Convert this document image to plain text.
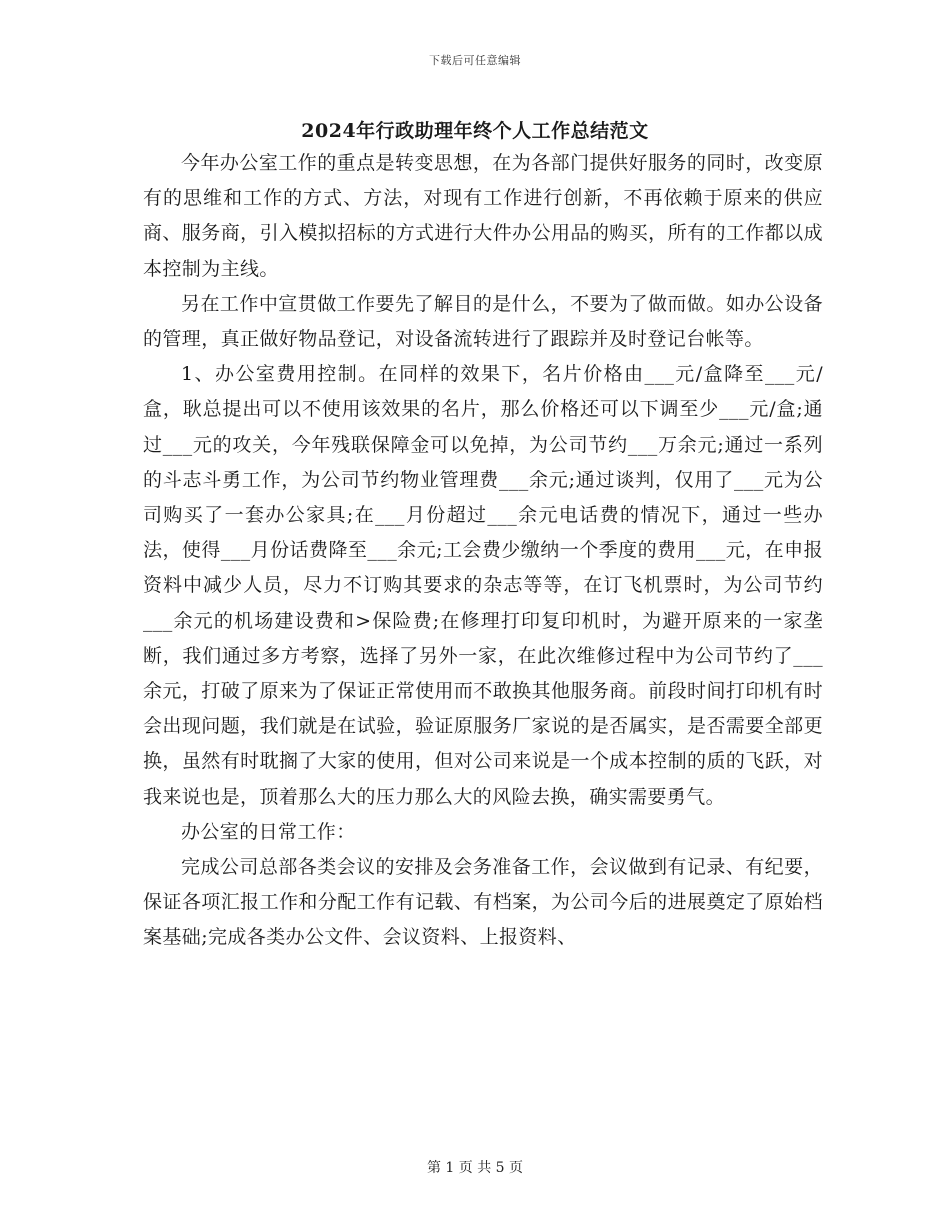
下载后可任意编辑
2024年行政助理年终个人工作总结范文

今年办公室工作的重点是转变思想，在为各部门提供好服务的同时，改变原有的思维和工作的方式、方法，对现有工作进行创新，不再依赖于原来的供应商、服务商，引入模拟招标的方式进行大件办公用品的购买，所有的工作都以成本控制为主线。

另在工作中宣贯做工作要先了解目的是什么，不要为了做而做。如办公设备的管理，真正做好物品登记，对设备流转进行了跟踪并及时登记台帐等。

1、办公室费用控制。在同样的效果下，名片价格由___元/盒降至___元/盒，耿总提出可以不使用该效果的名片，那么价格还可以下调至少___元/盒;通过___元的攻关，今年残联保障金可以免掉，为公司节约___万余元;通过一系列的斗志斗勇工作，为公司节约物业管理费___余元;通过谈判，仅用了___元为公司购买了一套办公家具;在___月份超过___余元电话费的情况下，通过一些办法，使得___月份话费降至___余元;工会费少缴纳一个季度的费用___元，在申报资料中减少人员，尽力不订购其要求的杂志等等，在订飞机票时，为公司节约___余元的机场建设费和>保险费;在修理打印复印机时，为避开原来的一家垄断，我们通过多方考察，选择了另外一家，在此次维修过程中为公司节约了___余元，打破了原来为了保证正常使用而不敢换其他服务商。前段时间打印机有时会出现问题，我们就是在试验，验证原服务厂家说的是否属实，是否需要全部更换，虽然有时耽搁了大家的使用，但对公司来说是一个成本控制的质的飞跃，对我来说也是，顶着那么大的压力那么大的风险去换，确实需要勇气。

办公室的日常工作：

完成公司总部各类会议的安排及会务准备工作，会议做到有记录、有纪要，保证各项汇报工作和分配工作有记载、有档案，为公司今后的进展奠定了原始档案基础;完成各类办公文件、会议资料、上报资料、

第 1 页 共 5 页
